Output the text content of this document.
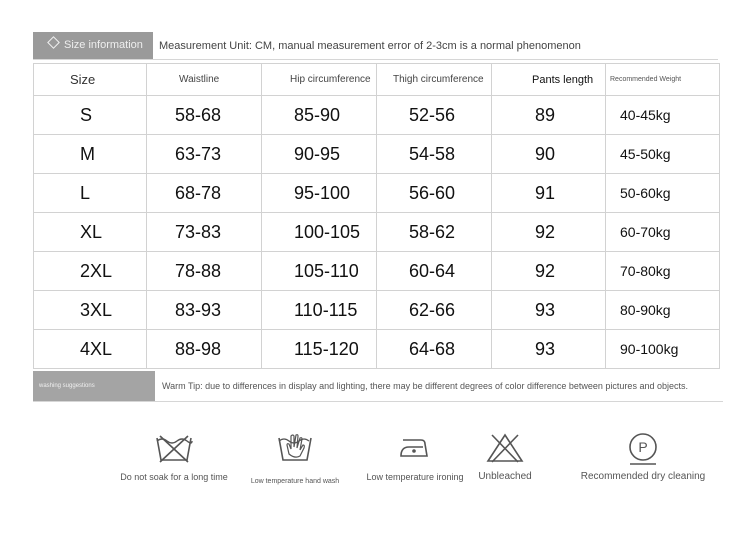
Size information	Measurement Unit: CM, manual measurement error of 2-3cm is a normal phenomenon
Size	Waistline	Hip circumference	Thigh circumference	Pants length	Recommended Weight
S	58-68	85-90	52-56	89	40-45kg
M	63-73	90-95	54-58	90	45-50kg
L	68-78	95-100	56-60	91	50-60kg
XL	73-83	100-105	58-62	92	60-70kg
2XL	78-88	105-110	60-64	92	70-80kg
3XL	83-93	110-115	62-66	93	80-90kg
4XL	88-98	115-120	64-68	93	90-100kg
washing suggestions	Warm Tip: due to differences in display and lighting, there may be different degrees of color difference between pictures and objects.
Do not soak for a long time	Low temperature hand wash	Low temperature ironing	Unbleached
P
Recommended dry cleaning
